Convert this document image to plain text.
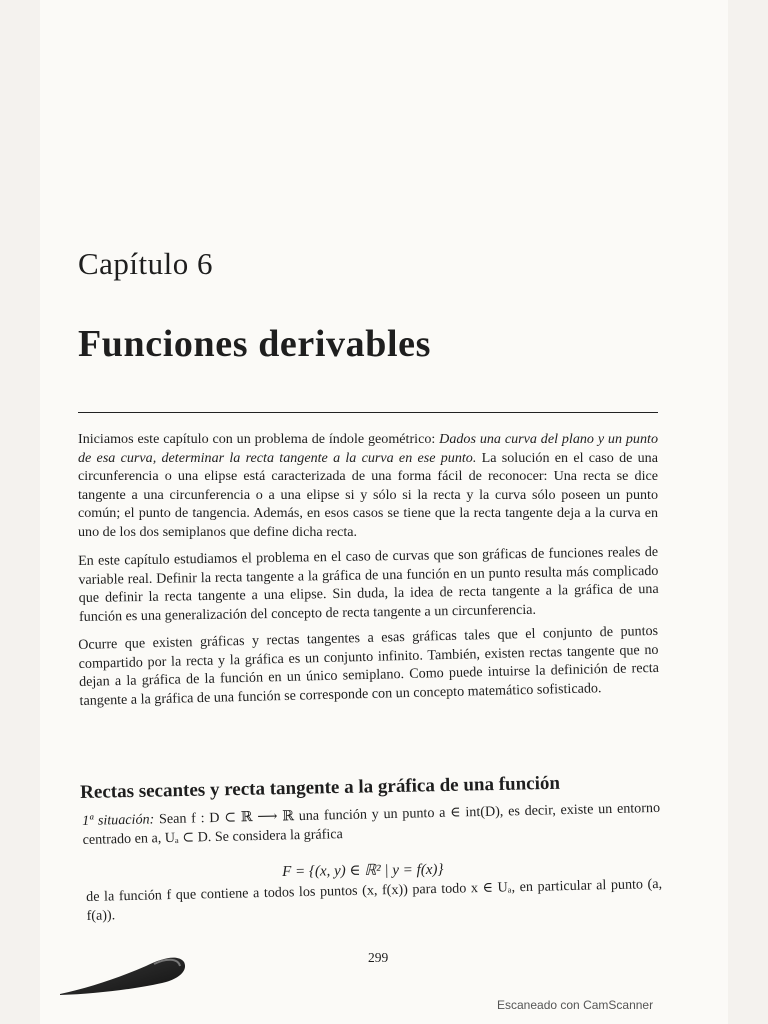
Capítulo 6
Funciones derivables

Iniciamos este capítulo con un problema de índole geométrico: Dados una curva del plano y un punto de esa curva, determinar la recta tangente a la curva en ese punto. La solución en el caso de una circunferencia o una elipse está caracterizada de una forma fácil de reconocer: Una recta se dice tangente a una circunferencia o a una elipse si y sólo si la recta y la curva sólo poseen un punto común; el punto de tangencia. Además, en esos casos se tiene que la recta tangente deja a la curva en uno de los dos semiplanos que define dicha recta.

En este capítulo estudiamos el problema en el caso de curvas que son gráficas de funciones reales de variable real. Definir la recta tangente a la gráfica de una función en un punto resulta más complicado que definir la recta tangente a una elipse. Sin duda, la idea de recta tangente a la gráfica de una función es una generalización del concepto de recta tangente a un circunferencia.

Ocurre que existen gráficas y rectas tangentes a esas gráficas tales que el conjunto de puntos compartido por la recta y la gráfica es un conjunto infinito. También, existen rectas tangente que no dejan a la gráfica de la función en un único semiplano. Como puede intuirse la definición de recta tangente a la gráfica de una función se corresponde con un concepto matemático sofisticado.

Rectas secantes y recta tangente a la gráfica de una función
1ª situación: Sean f : D ⊂ ℝ ⟶ ℝ una función y un punto a ∈ int(D), es decir, existe un entorno centrado en a, Uₐ ⊂ D. Se considera la gráfica
F = {(x, y) ∈ ℝ² | y = f(x)}
de la función f que contiene a todos los puntos (x, f(x)) para todo x ∈ Uₐ, en particular al punto (a, f(a)).
299
Escaneado con CamScanner
